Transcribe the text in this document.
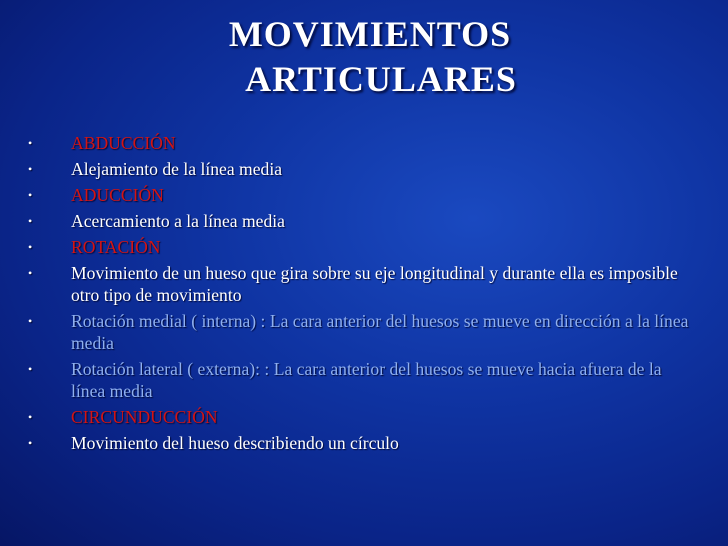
MOVIMIENTOS
ARTICULARES
• ABDUCCIÓN
• Alejamiento de la línea media
• ADUCCIÓN
• Acercamiento a la línea media
• ROTACIÓN
• Movimiento de un hueso que gira sobre su eje longitudinal y durante ella es imposible otro tipo de movimiento
• Rotación medial ( interna) : La cara anterior del huesos se mueve en dirección a la línea media
• Rotación lateral ( externa): : La cara anterior del huesos se mueve hacia afuera de la línea media
• CIRCUNDUCCIÓN
• Movimiento del hueso describiendo un círculo
